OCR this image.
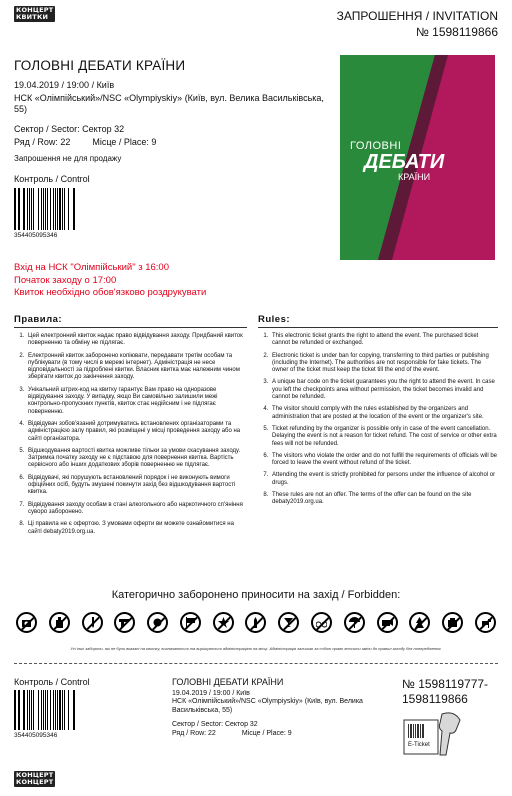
КОНЦЕРТ
КВИТКИ	ЗАПРОШЕННЯ / INVITATION
№ 1598119866
ГОЛОВНІ ДЕБАТИ КРАЇНИ
19.04.2019 / 19:00 / Київ
НСК «Олімпійський»/NSC «Olympiyskiy» (Київ, вул. Велика Васильківська, 55)
Сектор / Sector: Сектор 32
Ряд / Row: 22 Місце / Place: 9
Запрошення не для продажу
Контроль / Control
354405095346
ГОЛОВНІ
ДЕБАТИ
КРАЇНИ
Вхід на НСК "Олімпійський" з 16:00
Початок заходу о 17:00
Квиток необхідно обов'язково роздрукувати
Правила:
1. Цей електронний квиток надає право відвідування заходу. Придбаний квиток поверненню та обміну не підлягає.
2. Електронний квиток заборонено копіювати, передавати третім особам та публікувати (в тому числі в мережі інтернет). Адміністрація не несе відповідальності за підроблені квитки. Власник квитка має належним чином зберігати квиток до закінчення заходу.
3. Унікальний штрих-код на квитку гарантує Вам право на одноразове відвідування заходу. У випадку, якщо Ви самовільно залишили межі контрольно-пропускних пунктів, квиток стає недійсним і не підлягає поверненню.
4. Відвідувач зобов'язаний дотримуватись встановлених організаторами та адміністрацією залу правил, які розміщені у місці проведення заходу або на сайті організатора.
5. Відшкодування вартості квитка можливе тільки за умови скасування заходу. Затримка початку заходу не є підставою для повернення квитка. Вартість сервісного або інших додаткових зборів поверненню не підлягає.
6. Відвідувачі, які порушують встановлений порядок і не виконують вимоги офіційних осіб, будуть змушені покинути захід без відшкодування вартості квитка.
7. Відвідування заходу особам в стані алкогольного або наркотичного сп'яніння суворо заборонено.
8. Ці правила не є офертою. З умовами оферти ви можете ознайомитися на сайті debaty2019.org.ua.
Rules:
1. This electronic ticket grants the right to attend the event. The purchased ticket cannot be refunded or exchanged.
2. Electronic ticket is under ban for copying, transferring to third parties or publishing (including the Internet). The authorities are not responsible for fake tickets. The owner of the ticket must keep the ticket till the end of the event.
3. A unique bar code on the ticket guarantees you the right to attend the event. In case you left the checkpoints area without permission, the ticket becomes invalid and cannot be refunded.
4. The visitor should comply with the rules established by the organizers and administration that are posted at the location of the event or the organizer's site.
5. Ticket refunding by the organizer is possible only in case of the event cancellation. Delaying the event is not a reason for ticket refund. The cost of service or other extra fees will not be refunded.
6. The visitors who violate the order and do not fulfill the requirements of officials will be forced to leave the event without refund of the ticket.
7. Attending the event is strictly prohibited for persons under the influence of alcohol or drugs.
8. These rules are not an offer. The terms of the offer can be found on the site debaty2019.org.ua.
Категорично заборонено приносити на захід / Forbidden:
Усі інші заборони, які не були вказані на квитку, визначаються та вирішуються адміністрацією на місці. Адміністрація залишає за собою право вносити зміни до правил заходу без попередження.
Контроль / Control
354405095346
ГОЛОВНІ ДЕБАТИ КРАЇНИ
19.04.2019 / 19:00 / Київ
НСК «Олімпійський»/NSC «Olympiyskiy» (Київ, вул. Велика Васильківська, 55)
Сектор / Sector: Сектор 32
Ряд / Row: 22	Місце / Place: 9
№ 1598119777-
1598119866
E-Ticket
КОНЦЕРТ
КОНЦЕРТ
